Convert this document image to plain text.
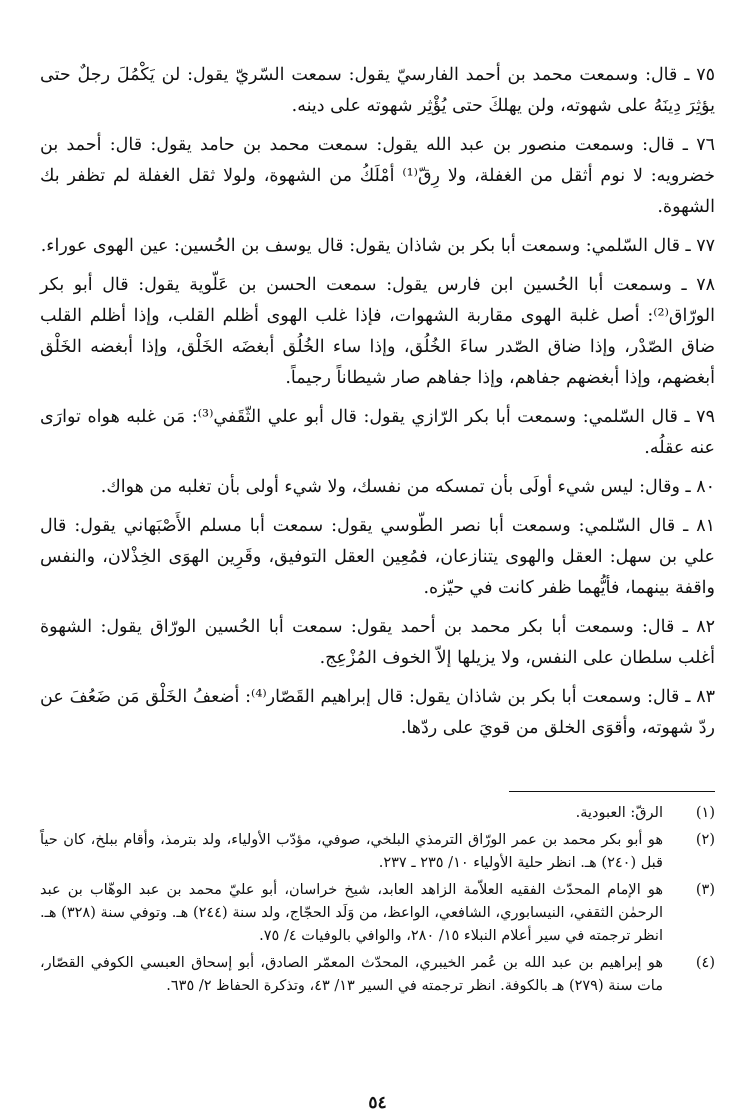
٧٥ ـ قال: وسمعت محمد بن أحمد الفارسيّ يقول: سمعت السّريّ يقول: لن يَكْمُلَ رجلٌ حتى يؤثِرَ دِينَهُ على شهوته، ولن يهلكَ حتى يُؤْثِر شهوته على دينه.

٧٦ ـ قال: وسمعت منصور بن عبد الله يقول: سمعت محمد بن حامد يقول: قال: أحمد بن خضرويه: لا نوم أثقل من الغفلة، ولا رِقّ⁽¹⁾ أمْلَكُ من الشهوة، ولولا ثقل الغفلة لم تظفر بك الشهوة.

٧٧ ـ قال السّلمي: وسمعت أبا بكر بن شاذان يقول: قال يوسف بن الحُسين: عين الهوى عوراء.

٧٨ ـ وسمعت أبا الحُسين ابن فارس يقول: سمعت الحسن بن عَلّوية يقول: قال أبو بكر الورّاق⁽²⁾: أصل غلبة الهوى مقاربة الشهوات، فإذا غلب الهوى أظلم القلب، وإذا أظلم القلب ضاق الصّدْر، وإذا ضاق الصّدر ساءَ الخُلُق، وإذا ساء الخُلُق أبغضَه الخَلْق، وإذا أبغضه الخَلْق أبغضهم، وإذا أبغضهم جفاهم، وإذا جفاهم صار شيطاناً رجيماً.

٧٩ ـ قال السّلمي: وسمعت أبا بكر الرّازي يقول: قال أبو علي الثّقَفي⁽³⁾: مَن غلبه هواه توارَى عنه عقلُه.

٨٠ ـ وقال: ليس شيء أولَى بأن تمسكه من نفسك، ولا شيء أولى بأن تغلبه من هواك.

٨١ ـ قال السّلمي: وسمعت أبا نصر الطّوسي يقول: سمعت أبا مسلم الأَصْبَهاني يقول: قال علي بن سهل: العقل والهوى يتنازعان، فمُعِين العقل التوفيق، وقَرِين الهوَى الخِذْلان، والنفس واقفة بينهما، فأيُّهما ظفر كانت في حيّزه.

٨٢ ـ قال: وسمعت أبا بكر محمد بن أحمد يقول: سمعت أبا الحُسين الورّاق يقول: الشهوة أغلب سلطان على النفس، ولا يزيلها إلاّ الخوف المُزْعِج.

٨٣ ـ قال: وسمعت أبا بكر بن شاذان يقول: قال إبراهيم القَصّار⁽⁴⁾: أضعفُ الخَلْق مَن ضَعُفَ عن ردّ شهوته، وأقوَى الخلق من قويَ على ردّها.

(١)
الرقّ: العبودية.
(٢)
هو أبو بكر محمد بن عمر الورّاق الترمذي البلخي، صوفي، مؤدّب الأولياء، ولد بترمذ، وأقام ببلخ، كان حياً قبل (٢٤٠) هـ. انظر حلية الأولياء ١٠/ ٢٣٥ ـ ٢٣٧.
(٣)
هو الإمام المحدّث الفقيه العلاّمة الزاهد العابد، شيخ خراسان، أبو عليّ محمد بن عبد الوهّاب بن عبد الرحمٰن الثقفي، النيسابوري، الشافعي، الواعظ، من وَلَد الحجّاج، ولد سنة (٢٤٤) هـ. وتوفي سنة (٣٢٨) هـ. انظر ترجمته في سير أعلام النبلاء ١٥/ ٢٨٠، والوافي بالوفيات ٤/ ٧٥.
(٤)
هو إبراهيم بن عبد الله بن عُمر الخيبري، المحدّث المعمّر الصادق، أبو إسحاق العبسي الكوفي القصّار، مات سنة (٢٧٩) هـ بالكوفة. انظر ترجمته في السير ١٣/ ٤٣، وتذكرة الحفاظ ٢/ ٦٣٥.
٥٤
